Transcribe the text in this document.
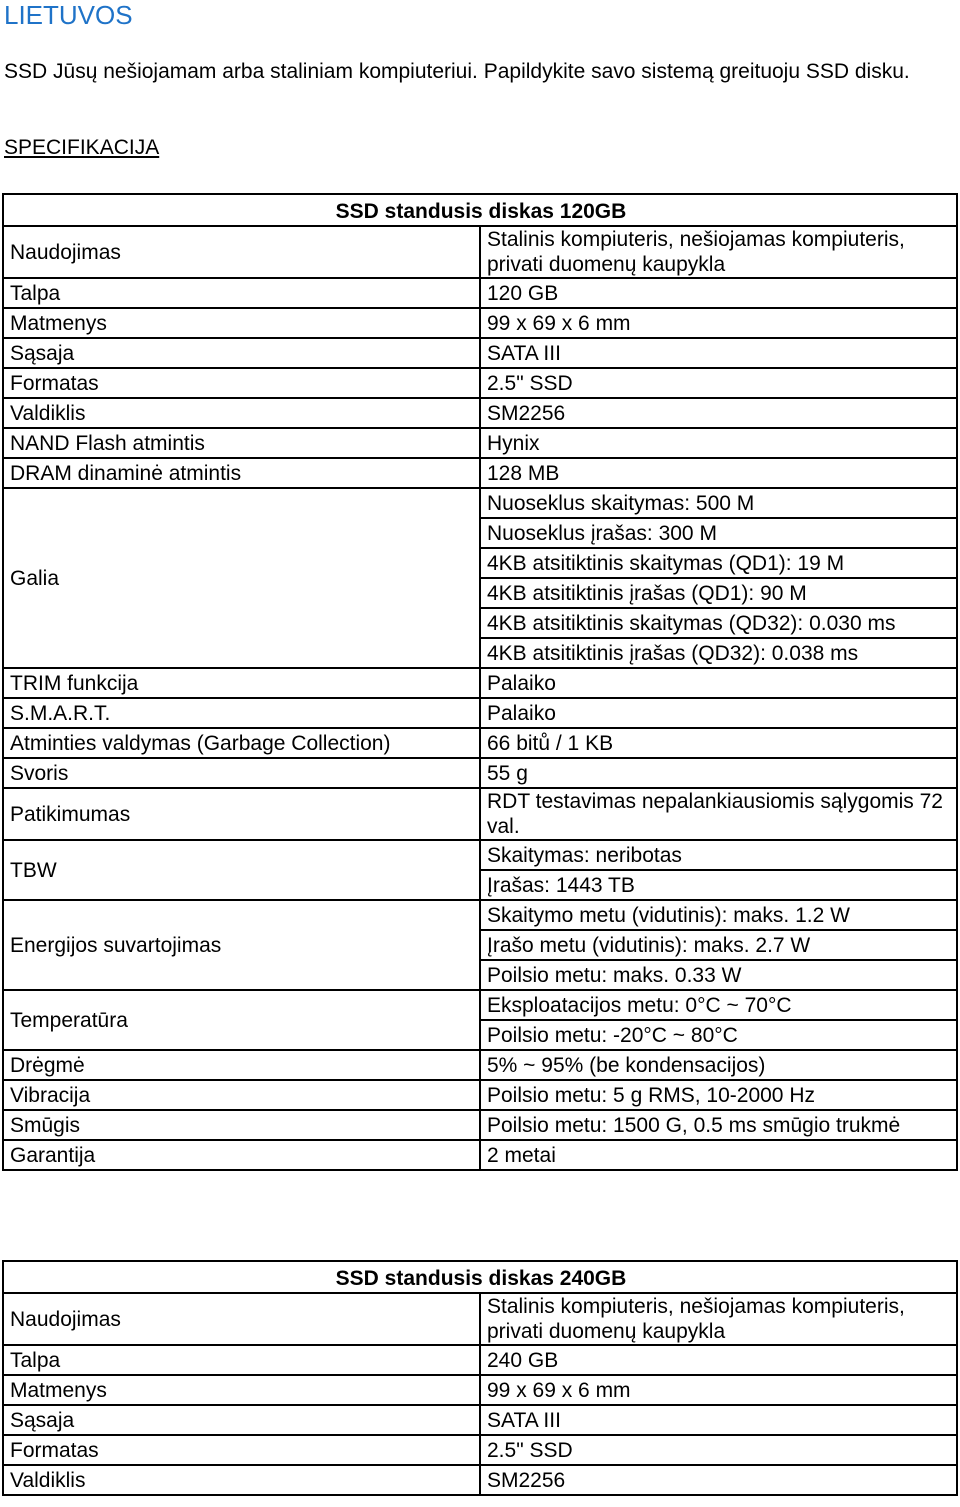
LIETUVOS
SSD Jūsų nešiojamam arba staliniam kompiuteriui. Papildykite savo sistemą greituoju SSD disku.
SPECIFIKACIJA
SSD standusis diskas 120GB	
Naudojimas	Stalinis kompiuteris, nešiojamas kompiuteris, privati duomenų kaupykla
Talpa	120 GB
Matmenys	99 x 69 x 6 mm
Sąsaja	SATA III
Formatas	2.5" SSD
Valdiklis	SM2256
NAND Flash atmintis	Hynix
DRAM dinaminė atmintis	128 MB
Galia	Nuoseklus skaitymas: 500 M
	Nuoseklus įrašas: 300 M
	4KB atsitiktinis skaitymas (QD1): 19 M
	4KB atsitiktinis įrašas (QD1): 90 M
	4KB atsitiktinis skaitymas (QD32): 0.030 ms
	4KB atsitiktinis įrašas (QD32): 0.038 ms
TRIM funkcija	Palaiko
S.M.A.R.T.	Palaiko
Atminties valdymas (Garbage Collection)	66 bitů / 1 KB
Svoris	55 g
Patikimumas	RDT testavimas nepalankiausiomis sąlygomis 72 val.
TBW	Skaitymas: neribotas
	Įrašas: 1443 TB
Energijos suvartojimas	Skaitymo metu (vidutinis): maks. 1.2 W
	Įrašo metu (vidutinis): maks. 2.7 W
	Poilsio metu: maks. 0.33 W
Temperatūra	Eksploatacijos metu: 0°C ~ 70°C
	Poilsio metu: -20°C ~ 80°C
Drėgmė	5% ~ 95% (be kondensacijos)
Vibracija	Poilsio metu: 5 g RMS, 10-2000 Hz
Smūgis	Poilsio metu: 1500 G, 0.5 ms smūgio trukmė
Garantija	2 metai
SSD standusis diskas 240GB	
Naudojimas	Stalinis kompiuteris, nešiojamas kompiuteris, privati duomenų kaupykla
Talpa	240 GB
Matmenys	99 x 69 x 6 mm
Sąsaja	SATA III
Formatas	2.5" SSD
Valdiklis	SM2256
